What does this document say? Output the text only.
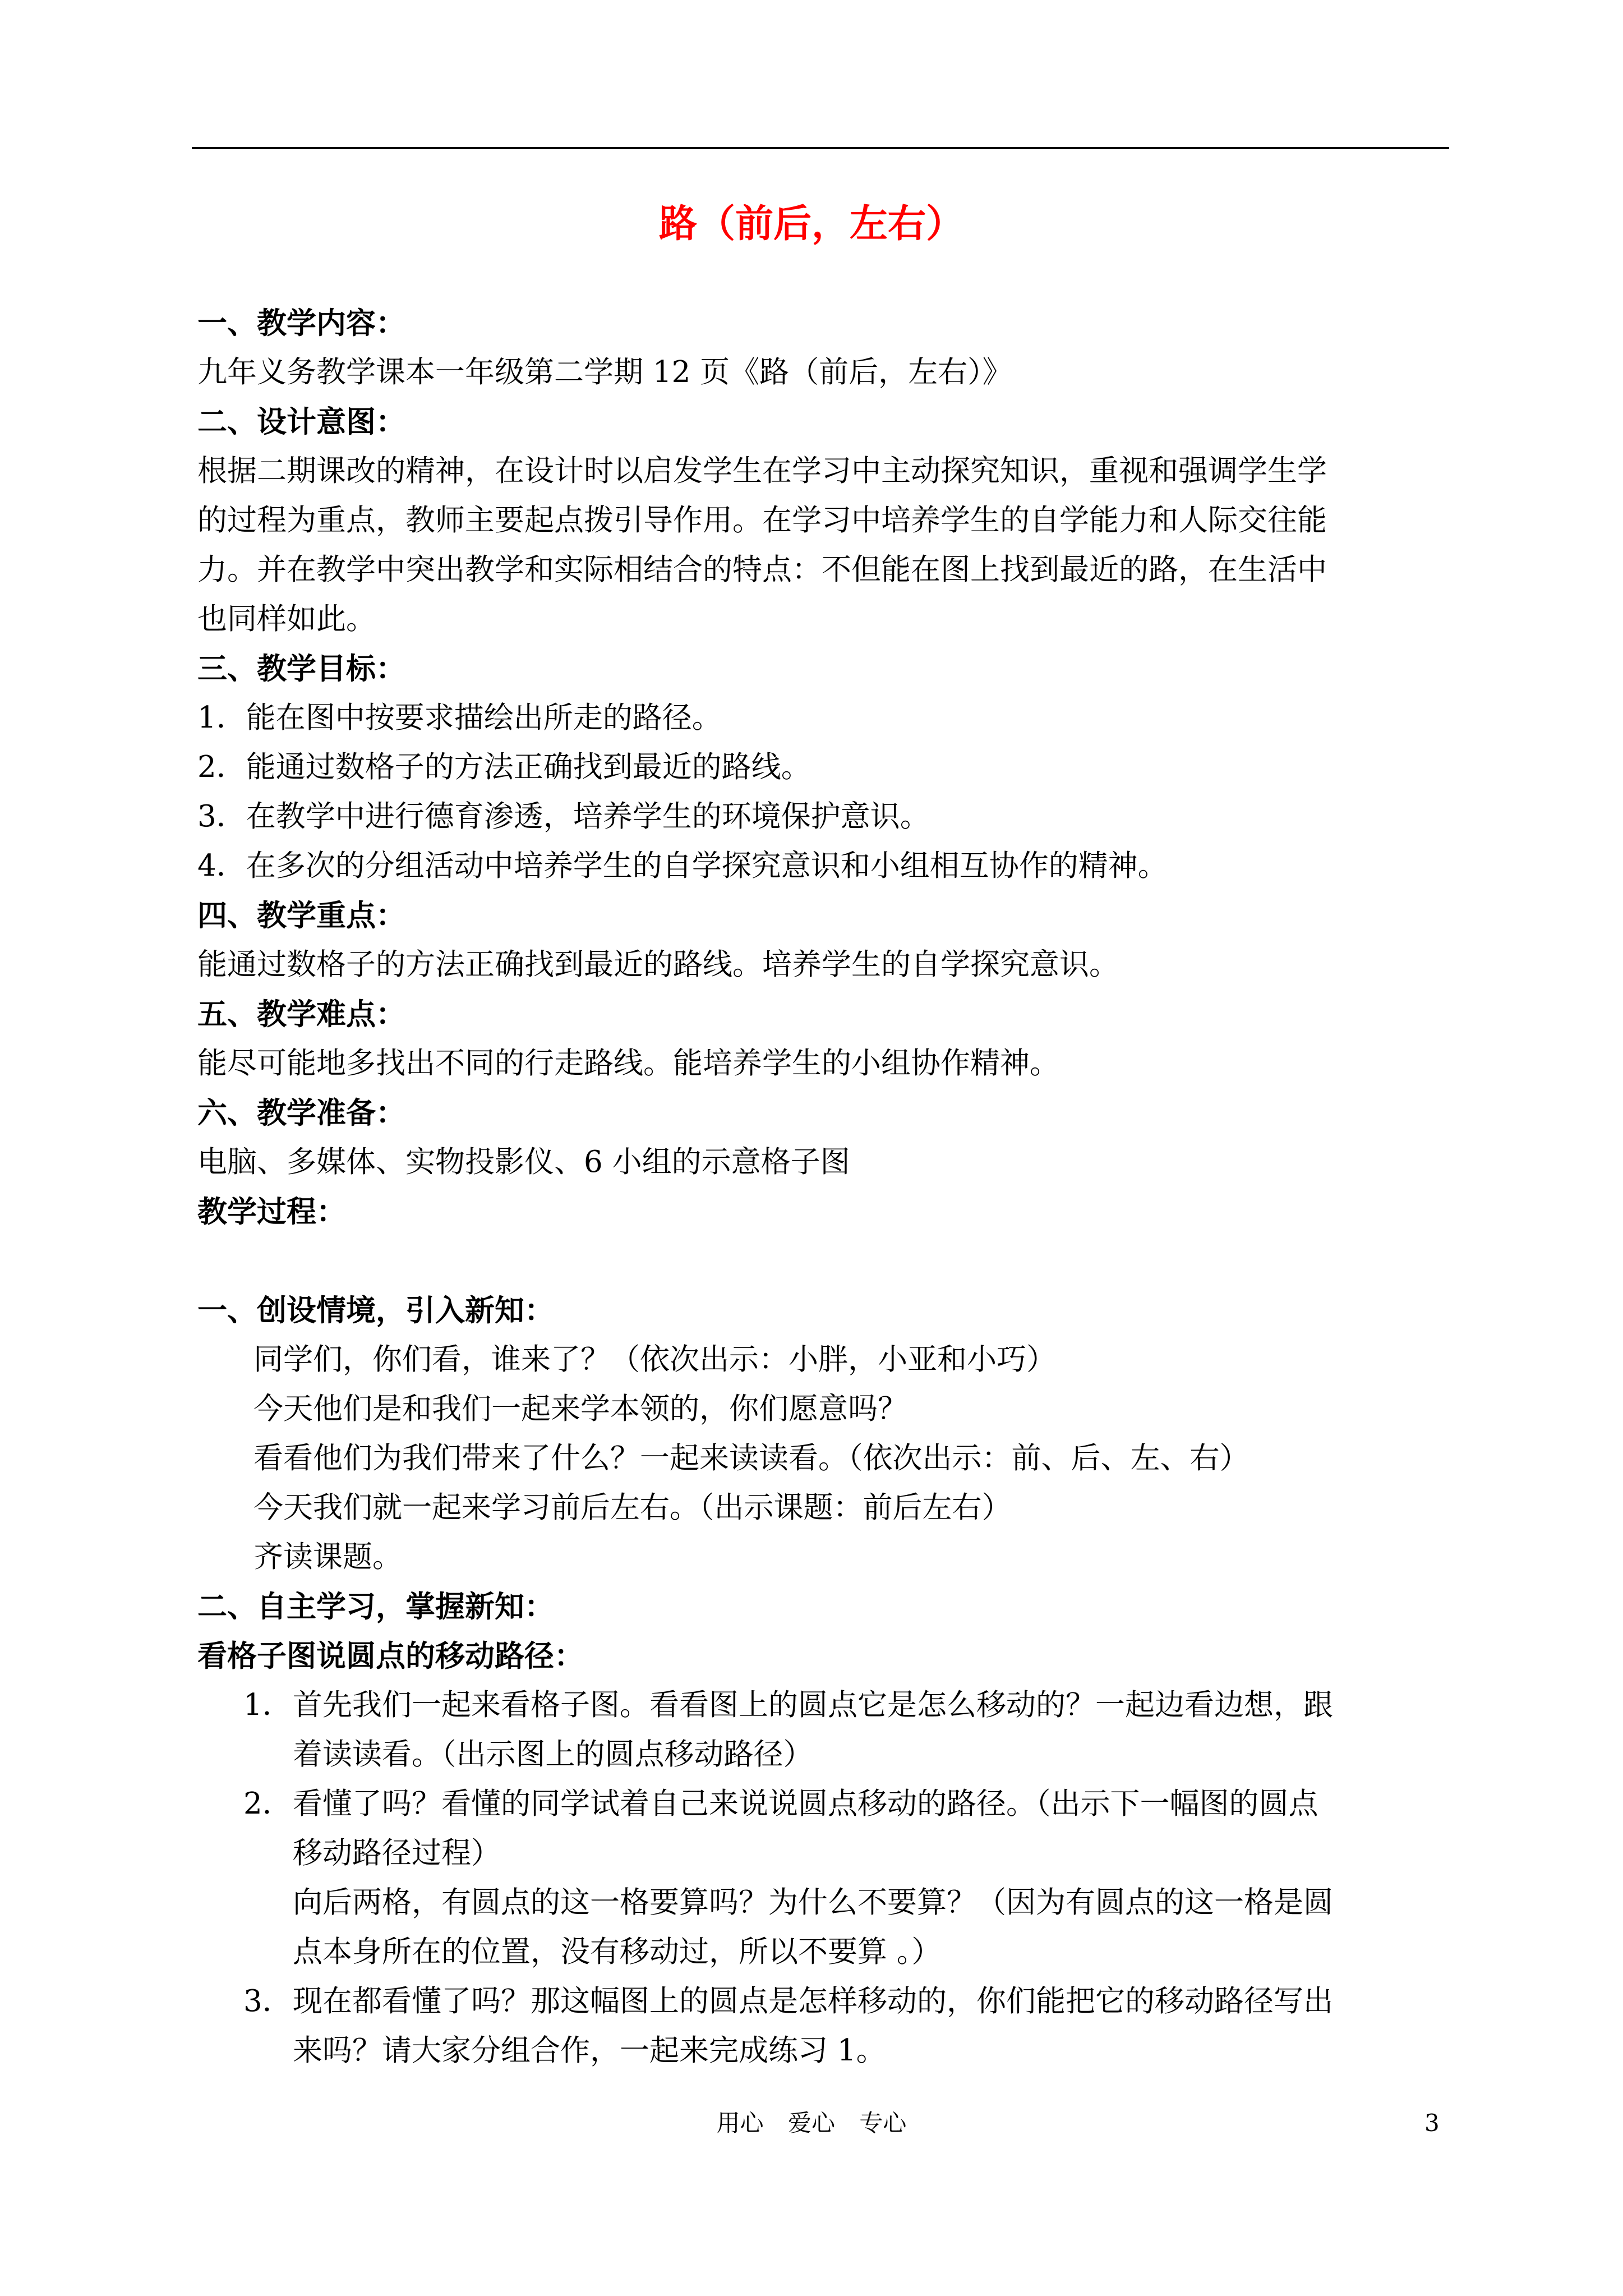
路（前后，左右）
一、教学内容：
九年义务教学课本一年级第二学期 12 页《路（前后，左右）》
二、设计意图：
根据二期课改的精神，在设计时以启发学生在学习中主动探究知识，重视和强调学生学
的过程为重点，教师主要起点拨引导作用。在学习中培养学生的自学能力和人际交往能
力。并在教学中突出教学和实际相结合的特点：不但能在图上找到最近的路，在生活中
也同样如此。
三、教学目标：
1．能在图中按要求描绘出所走的路径。
2．能通过数格子的方法正确找到最近的路线。
3．在教学中进行德育渗透，培养学生的环境保护意识。
4．在多次的分组活动中培养学生的自学探究意识和小组相互协作的精神。
四、教学重点：
能通过数格子的方法正确找到最近的路线。培养学生的自学探究意识。
五、教学难点：
能尽可能地多找出不同的行走路线。能培养学生的小组协作精神。
六、教学准备：
电脑、多媒体、实物投影仪、6 小组的示意格子图
教学过程：
一、创设情境，引入新知：
同学们，你们看，谁来了？（依次出示：小胖，小亚和小巧）
今天他们是和我们一起来学本领的，你们愿意吗？
看看他们为我们带来了什么？一起来读读看。（依次出示：前、后、左、右）
今天我们就一起来学习前后左右。（出示课题：前后左右）
齐读课题。
二、自主学习，掌握新知：
看格子图说圆点的移动路径：
1． 首先我们一起来看格子图。看看图上的圆点它是怎么移动的？一起边看边想，跟
着读读看。（出示图上的圆点移动路径）
2． 看懂了吗？看懂的同学试着自己来说说圆点移动的路径。（出示下一幅图的圆点
移动路径过程）
向后两格，有圆点的这一格要算吗？为什么不要算？（因为有圆点的这一格是圆
点本身所在的位置，没有移动过，所以不要算 。）
3． 现在都看懂了吗？那这幅图上的圆点是怎样移动的，你们能把它的移动路径写出
来吗？请大家分组合作，一起来完成练习 1。
用心 爱心 专心	3
